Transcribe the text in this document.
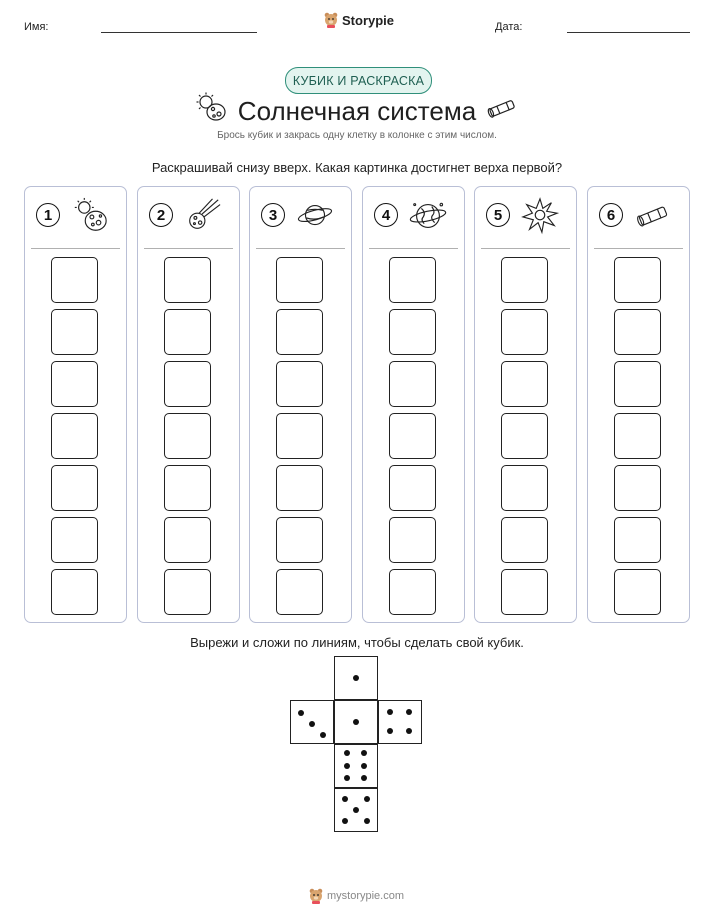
Имя:	Storypie	Дата:
КУБИК И РАСКРАСКА
Солнечная система
Брось кубик и закрась одну клетку в колонке с этим числом.
Раскрашивай снизу вверх. Какая картинка достигнет верха первой?
1	2	3	4	5	6
Вырежи и сложи по линиям, чтобы сделать свой кубик.
mystorypie.com
